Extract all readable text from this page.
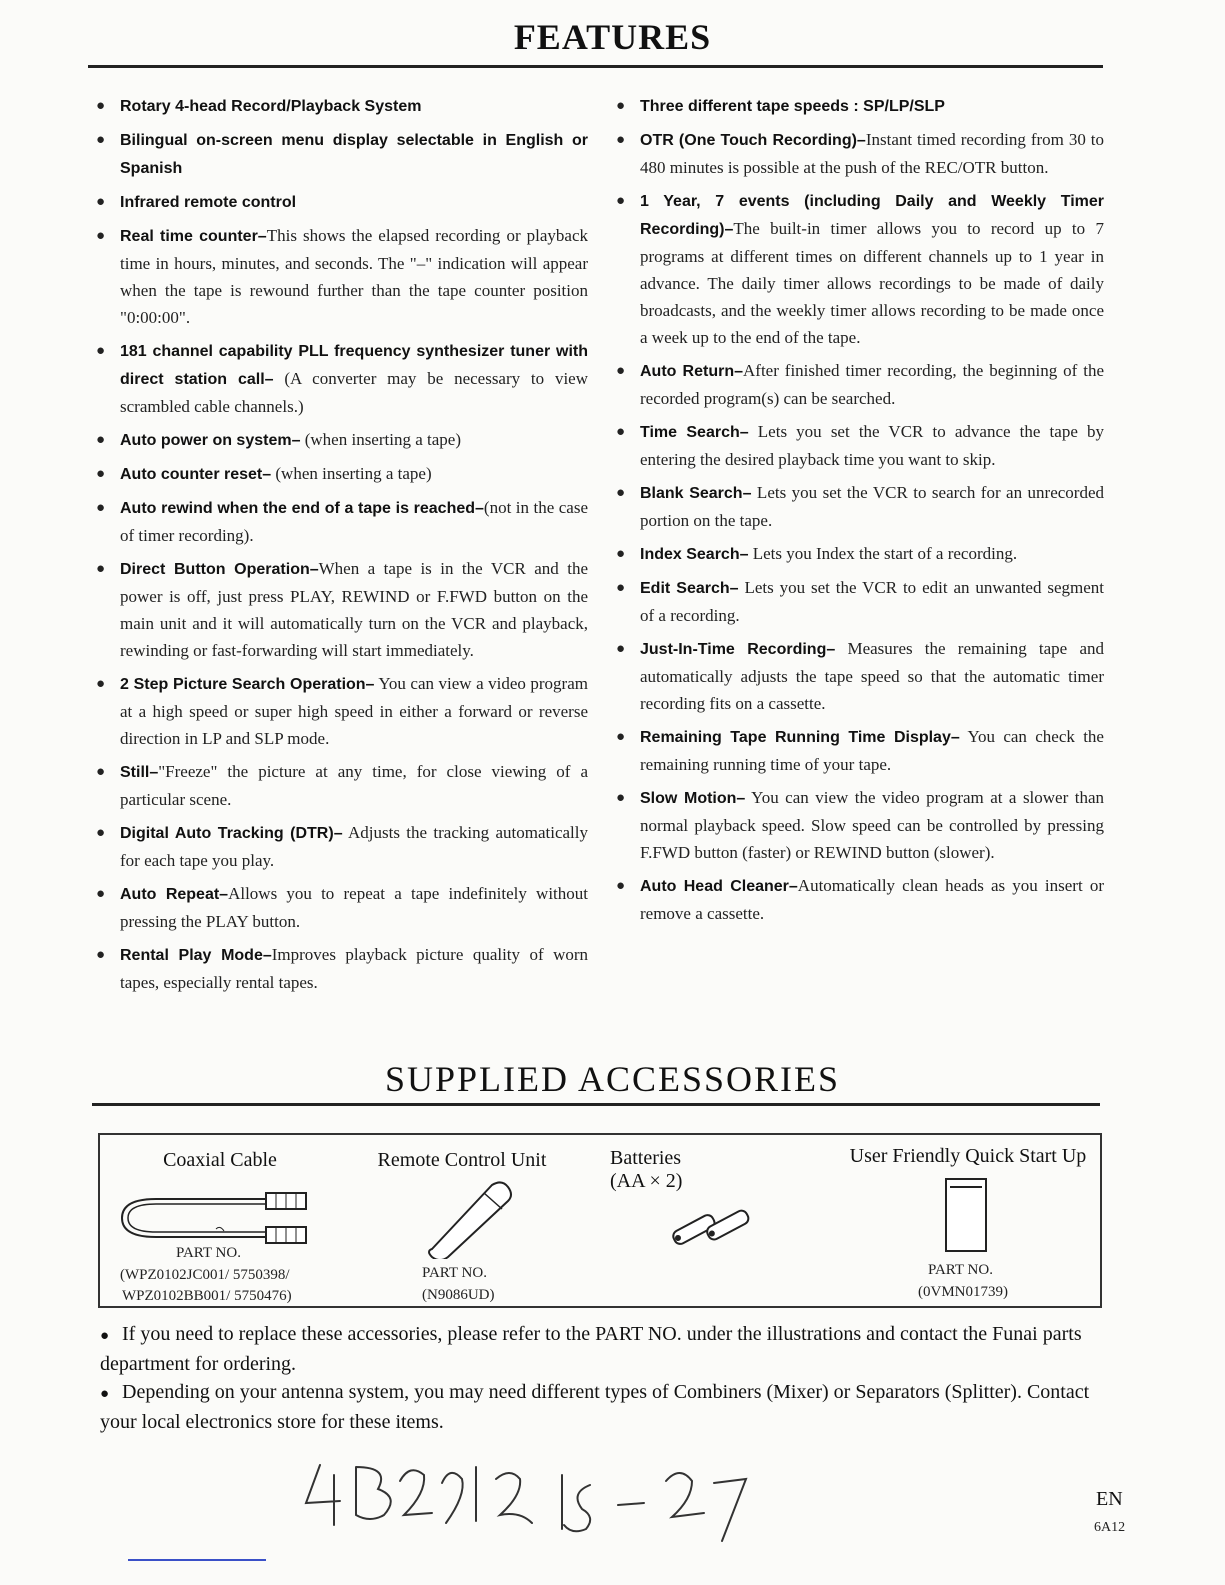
FEATURES

● Rotary 4-head Record/Playback System

● Bilingual on-screen menu display selectable in English or Spanish

● Infrared remote control

● Real time counter–This shows the elapsed recording or playback time in hours, minutes, and seconds. The "–" indication will appear when the tape is rewound further than the tape counter position "0:00:00".

● 181 channel capability PLL frequency synthesizer tuner with direct station call– (A converter may be necessary to view scrambled cable channels.)

● Auto power on system– (when inserting a tape)

● Auto counter reset– (when inserting a tape)

● Auto rewind when the end of a tape is reached–(not in the case of timer recording).

● Direct Button Operation–When a tape is in the VCR and the power is off, just press PLAY, REWIND or F.FWD button on the main unit and it will automatically turn on the VCR and playback, rewinding or fast-forwarding will start immediately.

● 2 Step Picture Search Operation– You can view a video program at a high speed or super high speed in either a forward or reverse direction in LP and SLP mode.

● Still–"Freeze" the picture at any time, for close viewing of a particular scene.

● Digital Auto Tracking (DTR)– Adjusts the tracking automatically for each tape you play.

● Auto Repeat–Allows you to repeat a tape indefinitely without pressing the PLAY button.

● Rental Play Mode–Improves playback picture quality of worn tapes, especially rental tapes.

● Three different tape speeds : SP/LP/SLP

● OTR (One Touch Recording)–Instant timed recording from 30 to 480 minutes is possible at the push of the REC/OTR button.

● 1 Year, 7 events (including Daily and Weekly Timer Recording)–The built-in timer allows you to record up to 7 programs at different times on different channels up to 1 year in advance. The daily timer allows recordings to be made of daily broadcasts, and the weekly timer allows recording to be made once a week up to the end of the tape.

● Auto Return–After finished timer recording, the beginning of the recorded program(s) can be searched.

● Time Search– Lets you set the VCR to advance the tape by entering the desired playback time you want to skip.

● Blank Search– Lets you set the VCR to search for an unrecorded portion on the tape.

● Index Search– Lets you Index the start of a recording.

● Edit Search– Lets you set the VCR to edit an unwanted segment of a recording.

● Just-In-Time Recording– Measures the remaining tape and automatically adjusts the tape speed so that the automatic timer recording fits on a cassette.

● Remaining Tape Running Time Display– You can check the remaining running time of your tape.

● Slow Motion– You can view the video program at a slower than normal playback speed. Slow speed can be controlled by pressing F.FWD button (faster) or REWIND button (slower).

● Auto Head Cleaner–Automatically clean heads as you insert or remove a cassette.

SUPPLIED ACCESSORIES
Coaxial Cable
PART NO.
(WPZ0102JC001/ 5750398/
WPZ0102BB001/ 5750476)
Remote Control Unit
PART NO.
(N9086UD)
Batteries
(AA × 2)
User Friendly Quick Start Up
PART NO.
(0VMN01739)
● If you need to replace these accessories, please refer to the PART NO. under the illustrations and contact the Funai parts department for ordering.
● Depending on your antenna system, you may need different types of Combiners (Mixer) or Separators (Splitter). Contact your local electronics store for these items.
EN
6A12
